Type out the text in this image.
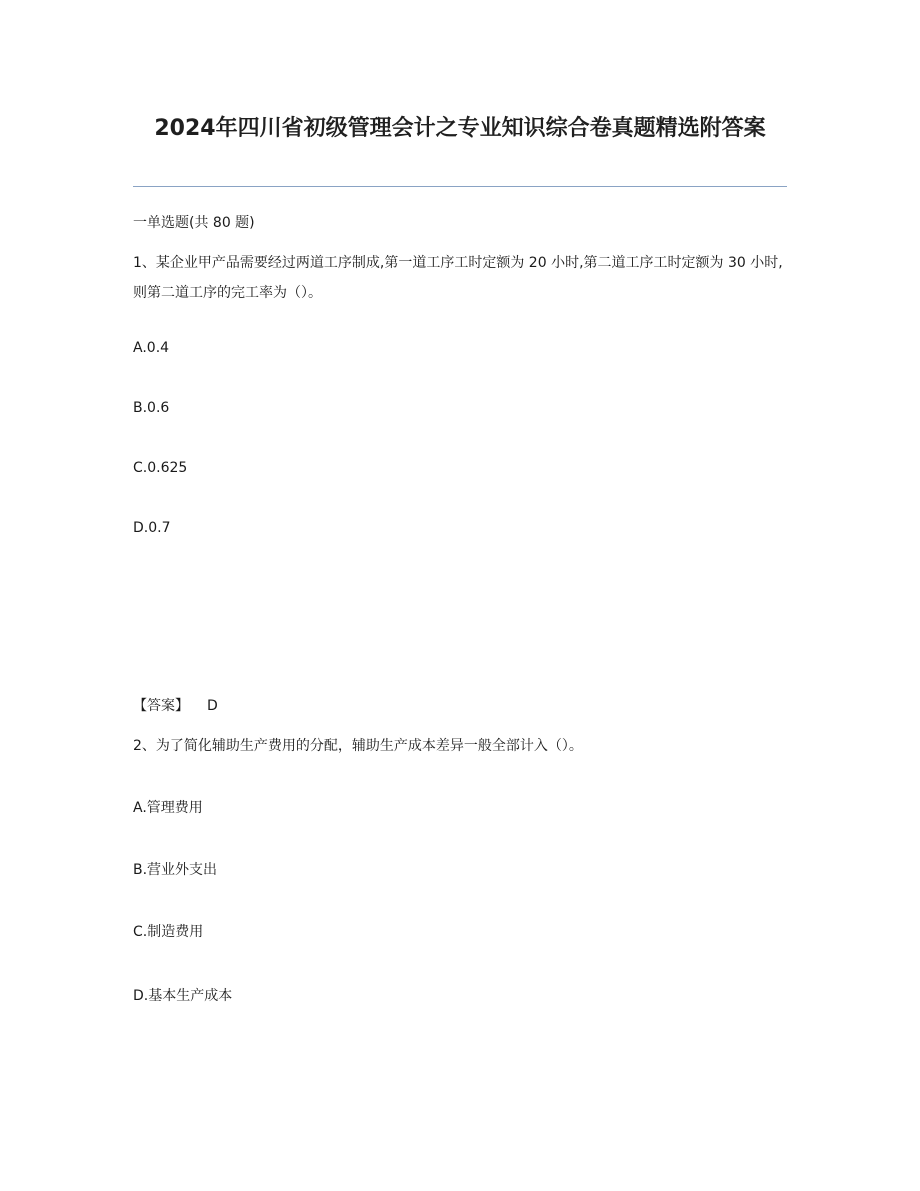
2024年四川省初级管理会计之专业知识综合卷真题精选附答案
一单选题(共 80 题)
1、某企业甲产品需要经过两道工序制成,第一道工序工时定额为 20 小时,第二道工序工时定额为 30 小时,则第二道工序的完工率为（）。
A.0.4
B.0.6
C.0.625
D.0.7
【答案】 D
2、为了简化辅助生产费用的分配，辅助生产成本差异一般全部计入（）。
A.管理费用
B.营业外支出
C.制造费用
D.基本生产成本
